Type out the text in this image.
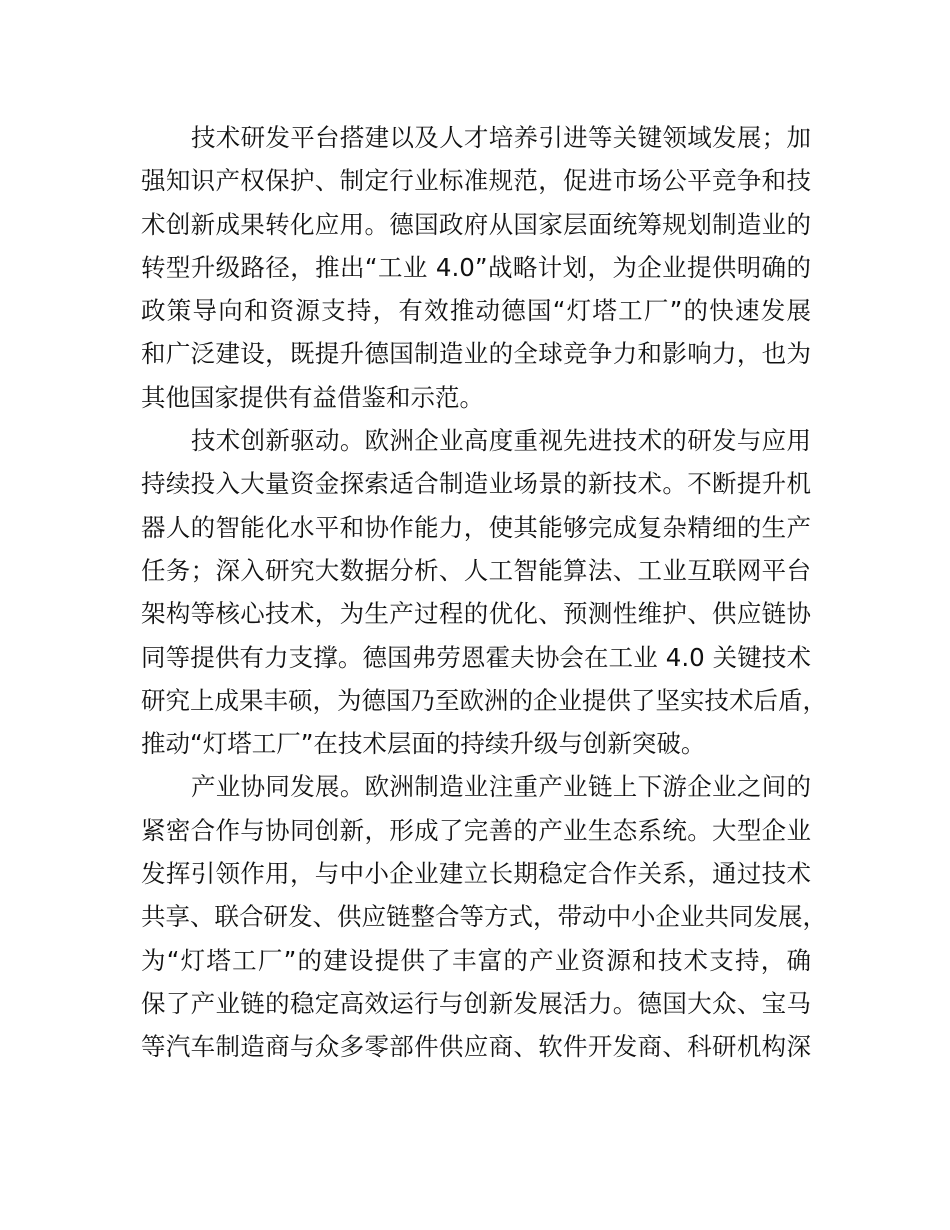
技术研发平台搭建以及人才培养引进等关键领域发展；加
强知识产权保护、制定行业标准规范，促进市场公平竞争和技
术创新成果转化应用。德国政府从国家层面统筹规划制造业的
转型升级路径，推出“工业 4.0”战略计划，为企业提供明确的
政策导向和资源支持，有效推动德国“灯塔工厂”的快速发展
和广泛建设，既提升德国制造业的全球竞争力和影响力，也为
其他国家提供有益借鉴和示范。
技术创新驱动。欧洲企业高度重视先进技术的研发与应用
持续投入大量资金探索适合制造业场景的新技术。不断提升机
器人的智能化水平和协作能力，使其能够完成复杂精细的生产
任务；深入研究大数据分析、人工智能算法、工业互联网平台
架构等核心技术，为生产过程的优化、预测性维护、供应链协
同等提供有力支撑。德国弗劳恩霍夫协会在工业 4.0 关键技术
研究上成果丰硕，为德国乃至欧洲的企业提供了坚实技术后盾，
推动“灯塔工厂”在技术层面的持续升级与创新突破。
产业协同发展。欧洲制造业注重产业链上下游企业之间的
紧密合作与协同创新，形成了完善的产业生态系统。大型企业
发挥引领作用，与中小企业建立长期稳定合作关系，通过技术
共享、联合研发、供应链整合等方式，带动中小企业共同发展，
为“灯塔工厂”的建设提供了丰富的产业资源和技术支持，确
保了产业链的稳定高效运行与创新发展活力。德国大众、宝马
等汽车制造商与众多零部件供应商、软件开发商、科研机构深
